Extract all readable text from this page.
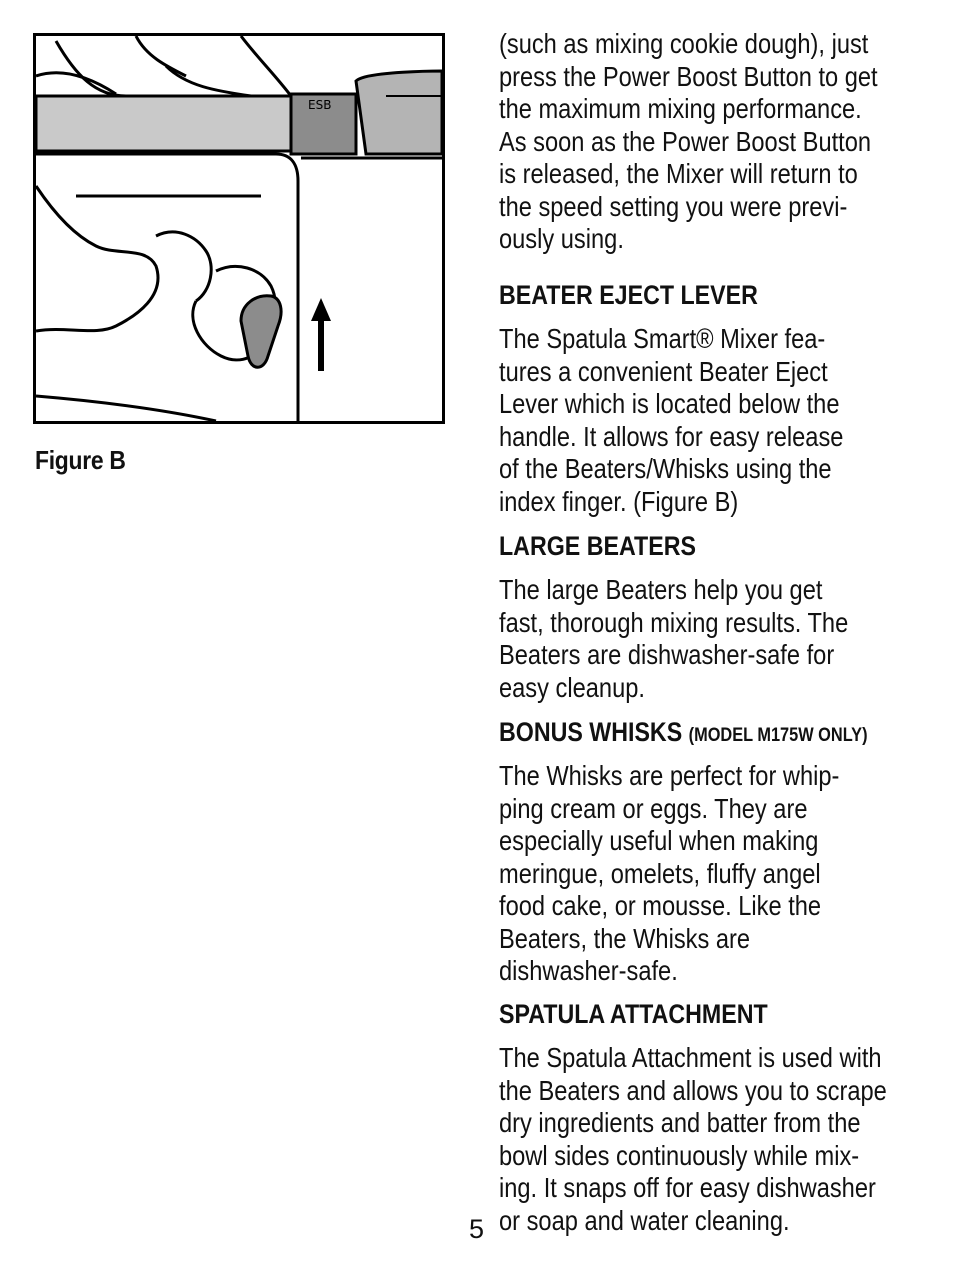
ESB
Figure B

(such as mixing cookie dough), just
press the Power Boost Button to get
the maximum mixing performance.
As soon as the Power Boost Button
is released, the Mixer will return to
the speed setting you were previ-
ously using.

BEATER EJECT LEVER

The Spatula Smart® Mixer fea-
tures a convenient Beater Eject
Lever which is located below the
handle. It allows for easy release
of the Beaters/Whisks using the
index finger. (Figure B)

LARGE BEATERS

The large Beaters help you get
fast, thorough mixing results. The
Beaters are dishwasher-safe for
easy cleanup.

BONUS WHISKS (MODEL M175W ONLY)

The Whisks are perfect for whip-
ping cream or eggs. They are
especially useful when making
meringue, omelets, fluffy angel
food cake, or mousse. Like the
Beaters, the Whisks are
dishwasher-safe.

SPATULA ATTACHMENT

The Spatula Attachment is used with
the Beaters and allows you to scrape
dry ingredients and batter from the
bowl sides continuously while mix-
ing. It snaps off for easy dishwasher
or soap and water cleaning.

5
